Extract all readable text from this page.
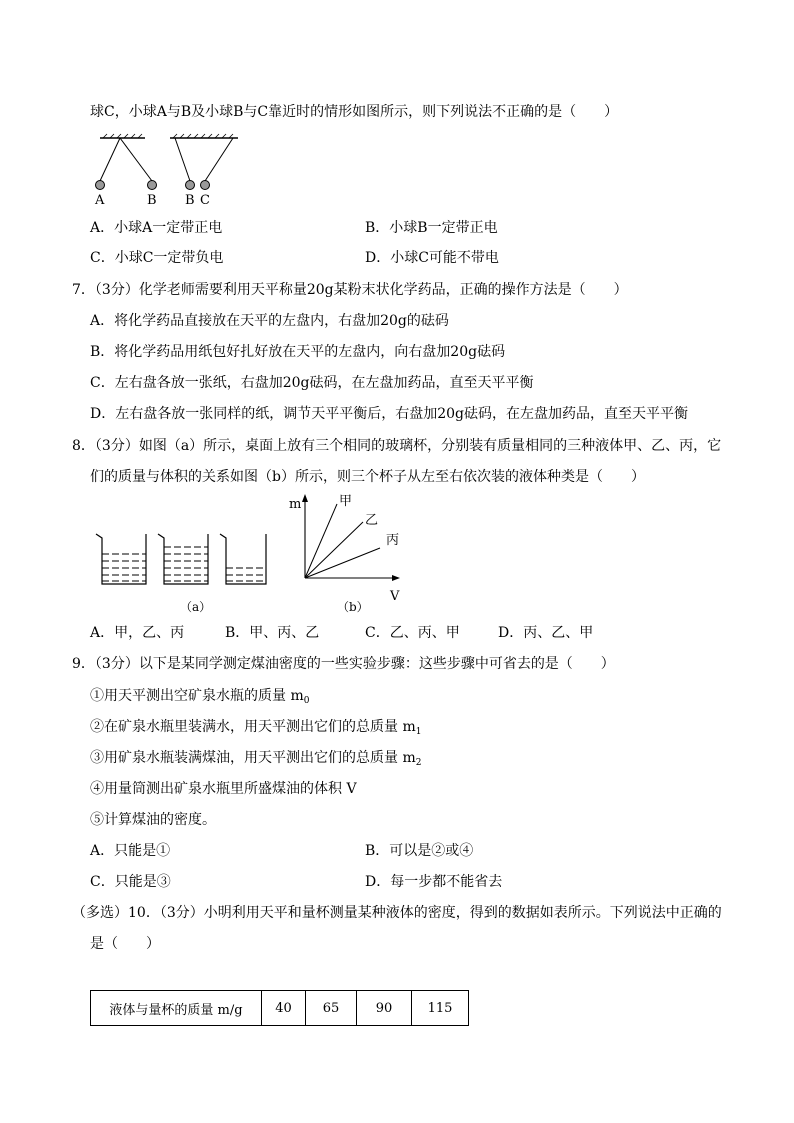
球C，小球A与B及小球B与C靠近时的情形如图所示，则下列说法不正确的是（　　）
A	B B C
A．小球A一定带正电	B．小球B一定带正电
C．小球C一定带负电	D．小球C可能不带电
7．（3分）化学老师需要利用天平称量20g某粉末状化学药品，正确的操作方法是（　　）
A．将化学药品直接放在天平的左盘内，右盘加20g的砝码
B．将化学药品用纸包好扎好放在天平的左盘内，向右盘加20g砝码
C．左右盘各放一张纸，右盘加20g砝码，在左盘加药品，直至天平平衡
D．左右盘各放一张同样的纸，调节天平平衡后，右盘加20g砝码，在左盘加药品，直至天平平衡
8．（3分）如图（a）所示，桌面上放有三个相同的玻璃杯，分别装有质量相同的三种液体甲、乙、丙，它
们的质量与体积的关系如图（b）所示，则三个杯子从左至右依次装的液体种类是（　　）
（a）
m
V
甲
乙
丙
（b）
A．甲，乙、丙	B．甲、丙、乙	C．乙、丙、甲	D．丙、乙、甲
9．（3分）以下是某同学测定煤油密度的一些实验步骤：这些步骤中可省去的是（　　）
①用天平测出空矿泉水瓶的质量 $m_0$
②在矿泉水瓶里装满水，用天平测出它们的总质量 $m_1$
③用矿泉水瓶装满煤油，用天平测出它们的总质量 $m_2$
④用量筒测出矿泉水瓶里所盛煤油的体积 V
⑤计算煤油的密度。
A．只能是①	B．可以是②或④
C．只能是③	D．每一步都不能省去
（多选）10．（3分）小明利用天平和量杯测量某种液体的密度，得到的数据如表所示。下列说法中正确的
是（　　）
液体与量杯的质量 m/g	40	65	90	115
